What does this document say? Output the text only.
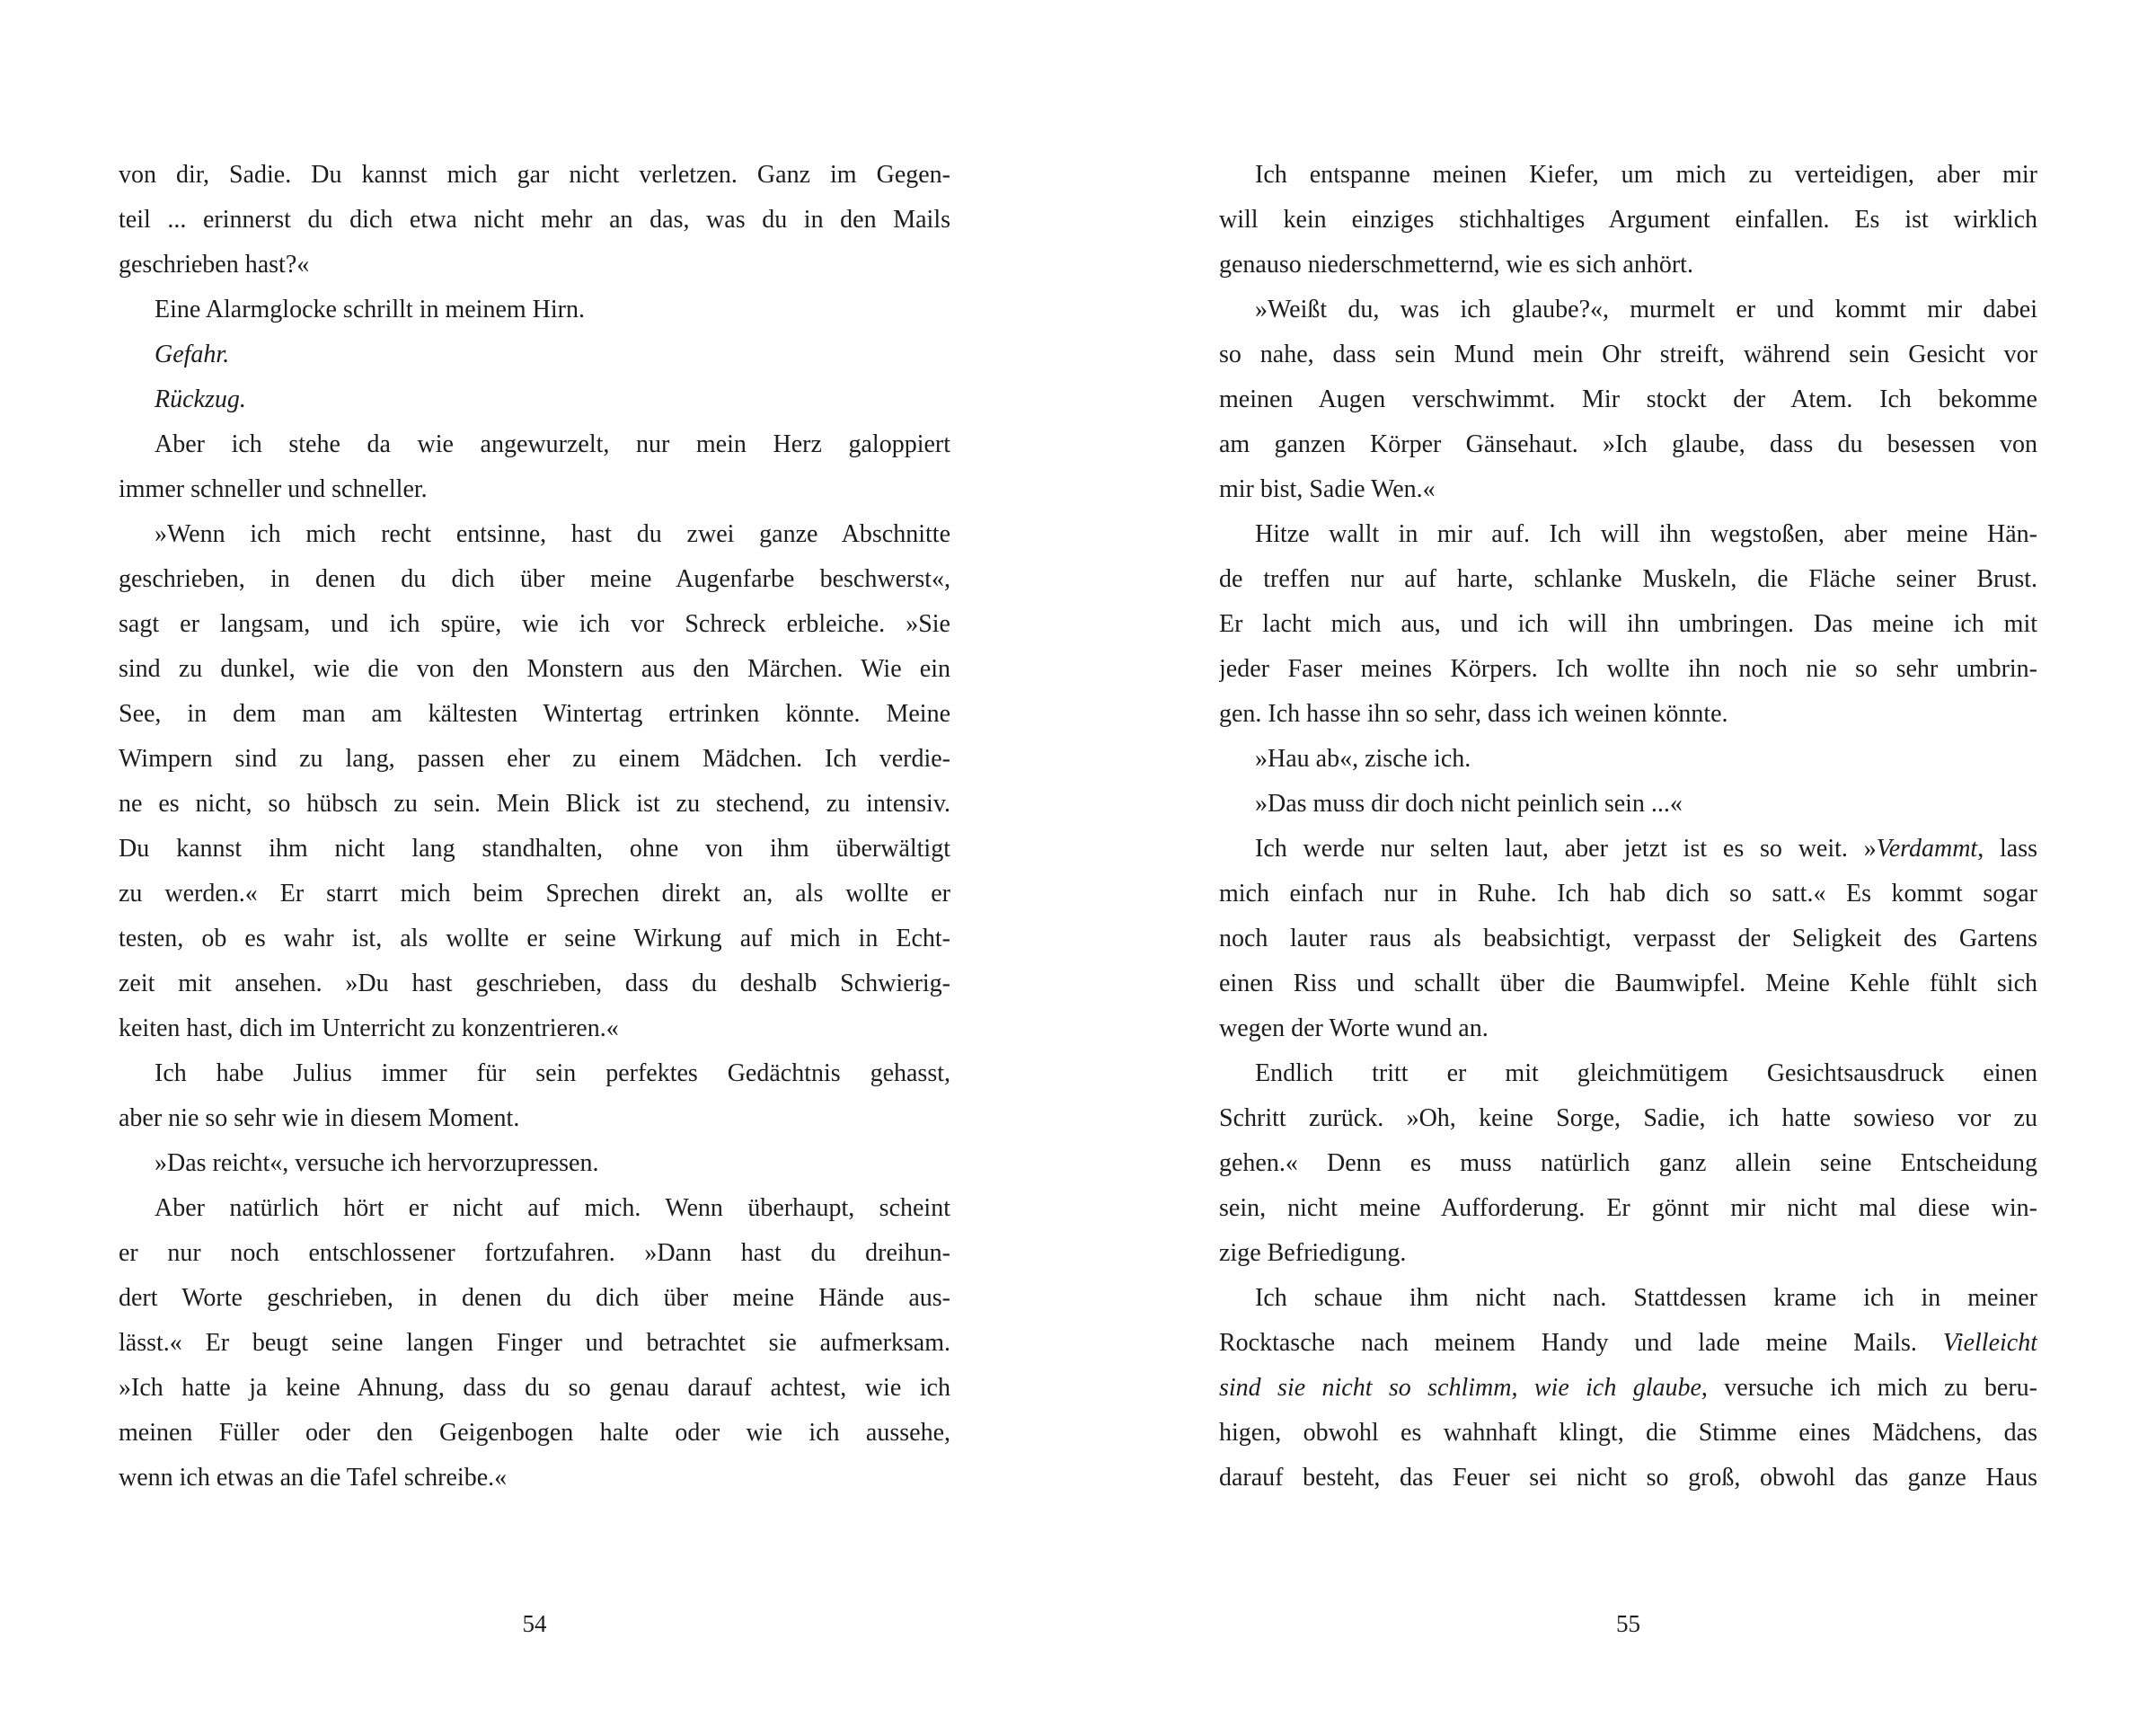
von dir, Sadie. Du kannst mich gar nicht verletzen. Ganz im Gegen-
teil ... erinnerst du dich etwa nicht mehr an das, was du in den Mails
geschrieben hast?«
Eine Alarmglocke schrillt in meinem Hirn.
Gefahr.
Rückzug.
Aber ich stehe da wie angewurzelt, nur mein Herz galoppiert
immer schneller und schneller.
»Wenn ich mich recht entsinne, hast du zwei ganze Abschnitte
geschrieben, in denen du dich über meine Augenfarbe beschwerst«,
sagt er langsam, und ich spüre, wie ich vor Schreck erbleiche. »Sie
sind zu dunkel, wie die von den Monstern aus den Märchen. Wie ein
See, in dem man am kältesten Wintertag ertrinken könnte. Meine
Wimpern sind zu lang, passen eher zu einem Mädchen. Ich verdie-
ne es nicht, so hübsch zu sein. Mein Blick ist zu stechend, zu intensiv.
Du kannst ihm nicht lang standhalten, ohne von ihm überwältigt
zu werden.« Er starrt mich beim Sprechen direkt an, als wollte er
testen, ob es wahr ist, als wollte er seine Wirkung auf mich in Echt-
zeit mit ansehen. »Du hast geschrieben, dass du deshalb Schwierig-
keiten hast, dich im Unterricht zu konzentrieren.«
Ich habe Julius immer für sein perfektes Gedächtnis gehasst,
aber nie so sehr wie in diesem Moment.
»Das reicht«, versuche ich hervorzupressen.
Aber natürlich hört er nicht auf mich. Wenn überhaupt, scheint
er nur noch entschlossener fortzufahren. »Dann hast du dreihun-
dert Worte geschrieben, in denen du dich über meine Hände aus-
lässt.« Er beugt seine langen Finger und betrachtet sie aufmerksam.
»Ich hatte ja keine Ahnung, dass du so genau darauf achtest, wie ich
meinen Füller oder den Geigenbogen halte oder wie ich aussehe,
wenn ich etwas an die Tafel schreibe.«
54
Ich entspanne meinen Kiefer, um mich zu verteidigen, aber mir
will kein einziges stichhaltiges Argument einfallen. Es ist wirklich
genauso niederschmetternd, wie es sich anhört.
»Weißt du, was ich glaube?«, murmelt er und kommt mir dabei
so nahe, dass sein Mund mein Ohr streift, während sein Gesicht vor
meinen Augen verschwimmt. Mir stockt der Atem. Ich bekomme
am ganzen Körper Gänsehaut. »Ich glaube, dass du besessen von
mir bist, Sadie Wen.«
Hitze wallt in mir auf. Ich will ihn wegstoßen, aber meine Hän-
de treffen nur auf harte, schlanke Muskeln, die Fläche seiner Brust.
Er lacht mich aus, und ich will ihn umbringen. Das meine ich mit
jeder Faser meines Körpers. Ich wollte ihn noch nie so sehr umbrin-
gen. Ich hasse ihn so sehr, dass ich weinen könnte.
»Hau ab«, zische ich.
»Das muss dir doch nicht peinlich sein ...«
Ich werde nur selten laut, aber jetzt ist es so weit. »Verdammt, lass
mich einfach nur in Ruhe. Ich hab dich so satt.« Es kommt sogar
noch lauter raus als beabsichtigt, verpasst der Seligkeit des Gartens
einen Riss und schallt über die Baumwipfel. Meine Kehle fühlt sich
wegen der Worte wund an.
Endlich tritt er mit gleichmütigem Gesichtsausdruck einen
Schritt zurück. »Oh, keine Sorge, Sadie, ich hatte sowieso vor zu
gehen.« Denn es muss natürlich ganz allein seine Entscheidung
sein, nicht meine Aufforderung. Er gönnt mir nicht mal diese win-
zige Befriedigung.
Ich schaue ihm nicht nach. Stattdessen krame ich in meiner
Rocktasche nach meinem Handy und lade meine Mails. Vielleicht
sind sie nicht so schlimm, wie ich glaube, versuche ich mich zu beru-
higen, obwohl es wahnhaft klingt, die Stimme eines Mädchens, das
darauf besteht, das Feuer sei nicht so groß, obwohl das ganze Haus
55
